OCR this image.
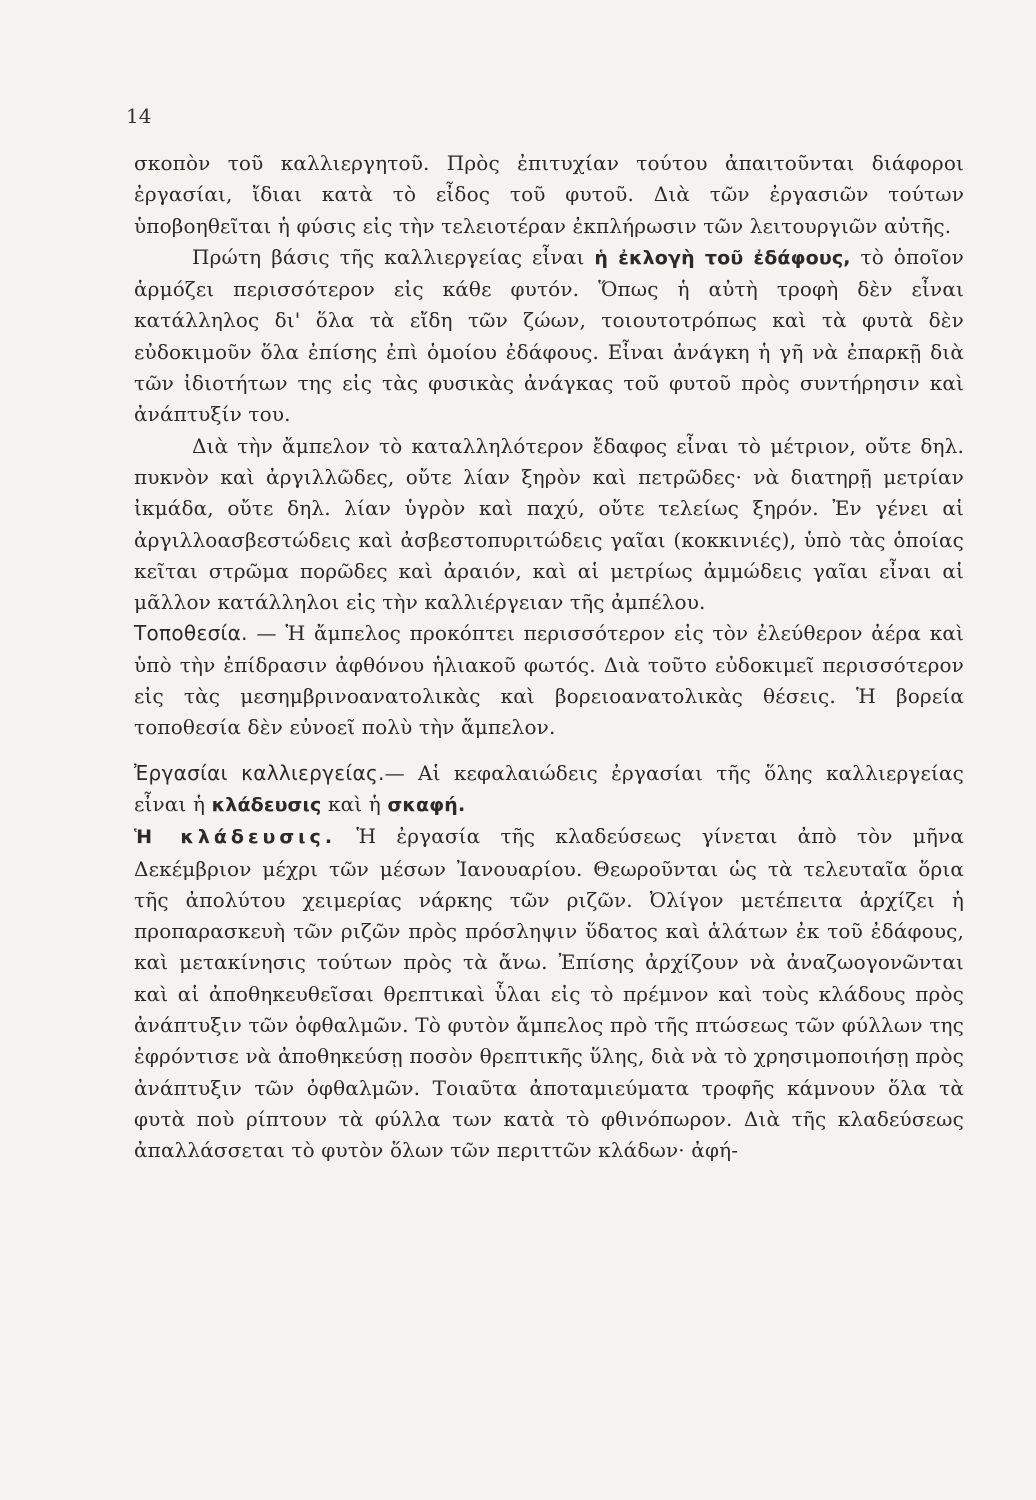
14

σκοπὸν τοῦ καλλιεργητοῦ. Πρὸς ἐπιτυχίαν τούτου ἀπαιτοῦνται διάφοροι ἐργασίαι, ἴδιαι κατὰ τὸ εἶδος τοῦ φυτοῦ. Διὰ τῶν ἐργασιῶν τούτων ὑποβοηθεῖται ἡ φύσις εἰς τὴν τελειοτέραν ἐκπλήρωσιν τῶν λειτουργιῶν αὐτῆς.

Πρώτη βάσις τῆς καλλιεργείας εἶναι ἡ ἐκλογὴ τοῦ ἐδάφους, τὸ ὁποῖον ἁρμόζει περισσότερον εἰς κάθε φυτόν. Ὅπως ἡ αὐτὴ τροφὴ δὲν εἶναι κατάλληλος δι' ὅλα τὰ εἴδη τῶν ζώων, τοιουτοτρόπως καὶ τὰ φυτὰ δὲν εὐδοκιμοῦν ὅλα ἐπίσης ἐπὶ ὁμοίου ἐδάφους. Εἶναι ἀνάγκη ἡ γῆ νὰ ἐπαρκῇ διὰ τῶν ἰδιοτήτων της εἰς τὰς φυσικὰς ἀνάγκας τοῦ φυτοῦ πρὸς συντήρησιν καὶ ἀνάπτυξίν του.

Διὰ τὴν ἄμπελον τὸ καταλληλότερον ἔδαφος εἶναι τὸ μέτριον, οὔτε δηλ. πυκνὸν καὶ ἀργιλλῶδες, οὔτε λίαν ξηρὸν καὶ πετρῶδες· νὰ διατηρῇ μετρίαν ἰκμάδα, οὔτε δηλ. λίαν ὑγρὸν καὶ παχύ, οὔτε τελείως ξηρόν. Ἐν γένει αἱ ἀργιλλοασβεστώδεις καὶ ἀσβεστοπυριτώδεις γαῖαι (κοκκινιές), ὑπὸ τὰς ὁποίας κεῖται στρῶμα πορῶδες καὶ ἀραιόν, καὶ αἱ μετρίως ἀμμώδεις γαῖαι εἶναι αἱ μᾶλλον κατάλληλοι εἰς τὴν καλλιέργειαν τῆς ἀμπέλου.

Τοποθεσία. — Ἡ ἄμπελος προκόπτει περισσότερον εἰς τὸν ἐλεύθερον ἀέρα καὶ ὑπὸ τὴν ἐπίδρασιν ἀφθόνου ἡλιακοῦ φωτός. Διὰ τοῦτο εὐδοκιμεῖ περισσότερον εἰς τὰς μεσημβρινοανατολικὰς καὶ βορειοανατολικὰς θέσεις. Ἡ βορεία τοποθεσία δὲν εὐνοεῖ πολὺ τὴν ἄμπελον.

Ἐργασίαι καλλιεργείας.— Αἱ κεφαλαιώδεις ἐργασίαι τῆς ὅλης καλλιεργείας εἶναι ἡ κλάδευσις καὶ ἡ σκαφή.

Ἡ κλάδευσις. Ἡ ἐργασία τῆς κλαδεύσεως γίνεται ἀπὸ τὸν μῆνα Δεκέμβριον μέχρι τῶν μέσων Ἰανουαρίου. Θεωροῦνται ὡς τὰ τελευταῖα ὅρια τῆς ἀπολύτου χειμερίας νάρκης τῶν ριζῶν. Ὀλίγον μετέπειτα ἀρχίζει ἡ προπαρασκευὴ τῶν ριζῶν πρὸς πρόσληψιν ὕδατος καὶ ἁλάτων ἐκ τοῦ ἐδάφους, καὶ μετακίνησις τούτων πρὸς τὰ ἄνω. Ἐπίσης ἀρχίζουν νὰ ἀναζωογονῶνται καὶ αἱ ἀποθηκευθεῖσαι θρεπτικαὶ ὗλαι εἰς τὸ πρέμνον καὶ τοὺς κλάδους πρὸς ἀνάπτυξιν τῶν ὀφθαλμῶν. Τὸ φυτὸν ἄμπελος πρὸ τῆς πτώσεως τῶν φύλλων της ἐφρόντισε νὰ ἀποθηκεύσῃ ποσὸν θρεπτικῆς ὕλης, διὰ νὰ τὸ χρησιμοποιήσῃ πρὸς ἀνάπτυξιν τῶν ὀφθαλμῶν. Τοιαῦτα ἀποταμιεύματα τροφῆς κάμνουν ὅλα τὰ φυτὰ ποὺ ρίπτουν τὰ φύλλα των κατὰ τὸ φθινόπωρον. Διὰ τῆς κλαδεύσεως ἀπαλλάσσεται τὸ φυτὸν ὅλων τῶν περιττῶν κλάδων· ἀφή-
